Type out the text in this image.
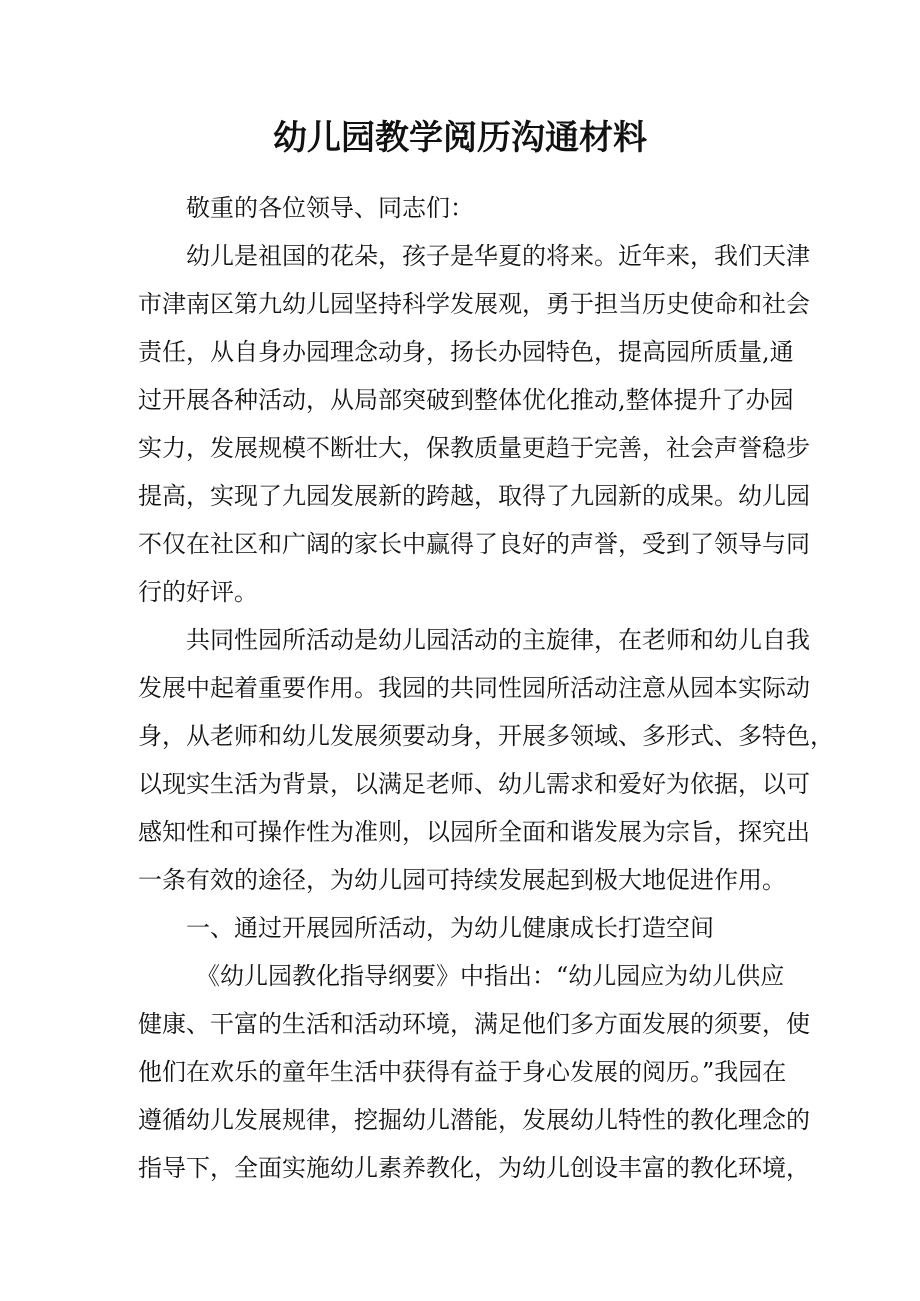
幼儿园教学阅历沟通材料
敬重的各位领导、同志们：
幼儿是祖国的花朵，孩子是华夏的将来。近年来，我们天津
市津南区第九幼儿园坚持科学发展观，勇于担当历史使命和社会
责任，从自身办园理念动身，扬长办园特色，提高园所质量,通
过开展各种活动，从局部突破到整体优化推动,整体提升了办园
实力，发展规模不断壮大，保教质量更趋于完善，社会声誉稳步
提高，实现了九园发展新的跨越，取得了九园新的成果。幼儿园
不仅在社区和广阔的家长中赢得了良好的声誉，受到了领导与同
行的好评。
共同性园所活动是幼儿园活动的主旋律，在老师和幼儿自我
发展中起着重要作用。我园的共同性园所活动注意从园本实际动
身，从老师和幼儿发展须要动身，开展多领域、多形式、多特色，
以现实生活为背景，以满足老师、幼儿需求和爱好为依据，以可
感知性和可操作性为准则，以园所全面和谐发展为宗旨，探究出
一条有效的途径，为幼儿园可持续发展起到极大地促进作用。
一、通过开展园所活动，为幼儿健康成长打造空间
《幼儿园教化指导纲要》中指出：“幼儿园应为幼儿供应
健康、干富的生活和活动环境，满足他们多方面发展的须要，使
他们在欢乐的童年生活中获得有益于身心发展的阅历。”我园在
遵循幼儿发展规律，挖掘幼儿潜能，发展幼儿特性的教化理念的
指导下，全面实施幼儿素养教化，为幼儿创设丰富的教化环境，
